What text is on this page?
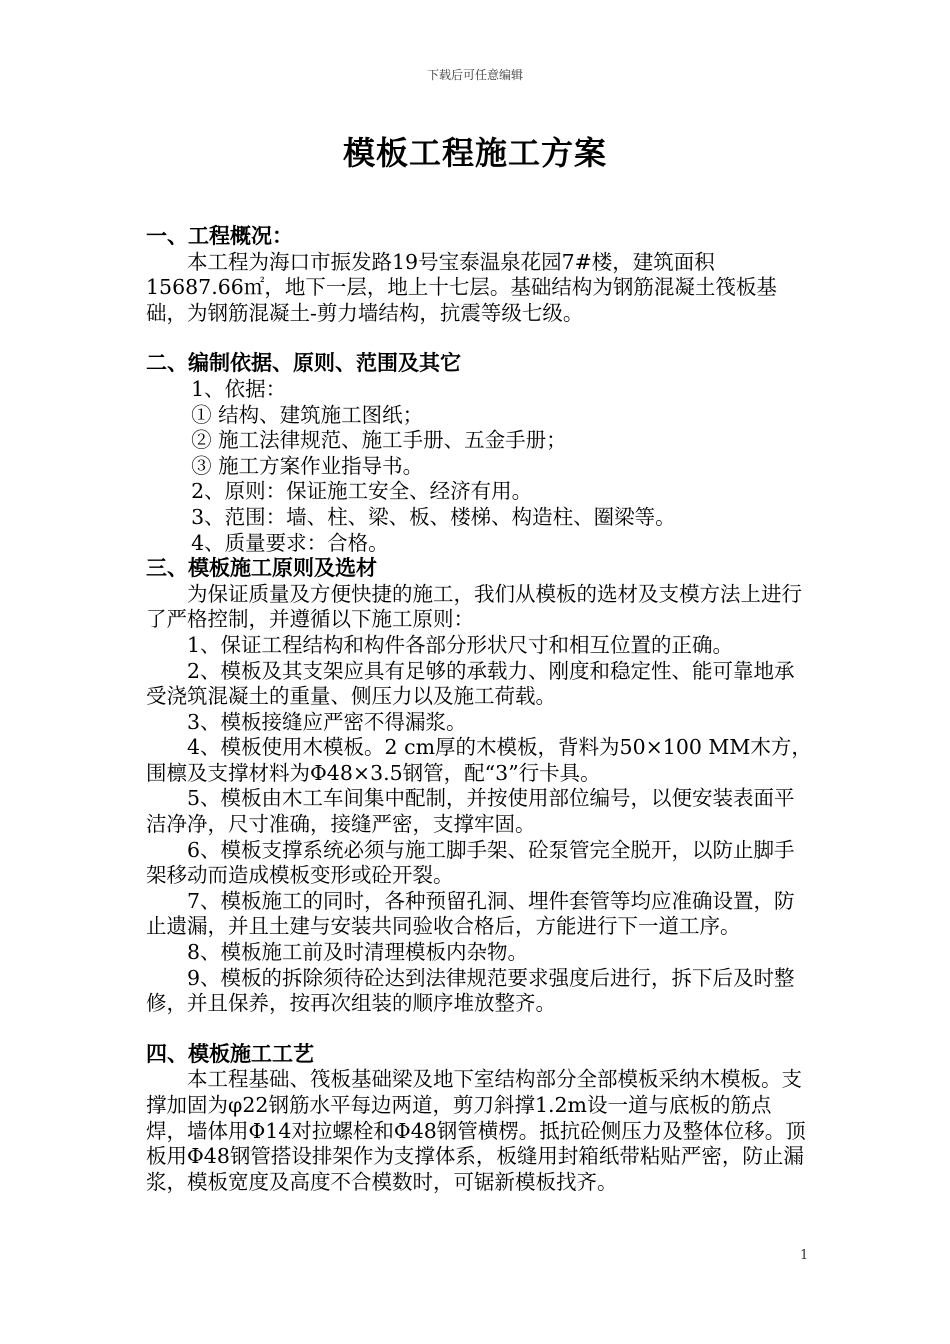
下载后可任意编辑
模板工程施工方案
一、工程概况：

本工程为海口市振发路19号宝泰温泉花园7#楼，建筑面积15687.66㎡，地下一层，地上十七层。基础结构为钢筋混凝土筏板基础，为钢筋混凝土-剪力墙结构，抗震等级七级。

二、编制依据、原则、范围及其它

1、依据：

① 结构、建筑施工图纸；

② 施工法律规范、施工手册、五金手册；

③ 施工方案作业指导书。

2、原则：保证施工安全、经济有用。

3、范围：墙、柱、梁、板、楼梯、构造柱、圈梁等。

4、质量要求：合格。

三、模板施工原则及选材

为保证质量及方便快捷的施工，我们从模板的选材及支模方法上进行了严格控制，并遵循以下施工原则：

1、保证工程结构和构件各部分形状尺寸和相互位置的正确。

2、模板及其支架应具有足够的承载力、刚度和稳定性、能可靠地承受浇筑混凝土的重量、侧压力以及施工荷载。

3、模板接缝应严密不得漏浆。

4、模板使用木模板。2 cm厚的木模板，背料为50×100 MM木方，围檩及支撑材料为Φ48×3.5钢管，配“3”行卡具。

5、模板由木工车间集中配制，并按使用部位编号，以便安装表面平洁净净，尺寸准确，接缝严密，支撑牢固。

6、模板支撑系统必须与施工脚手架、砼泵管完全脱开，以防止脚手架移动而造成模板变形或砼开裂。

7、模板施工的同时，各种预留孔洞、埋件套管等均应准确设置，防止遗漏，并且土建与安装共同验收合格后，方能进行下一道工序。

8、模板施工前及时清理模板内杂物。

9、模板的拆除须待砼达到法律规范要求强度后进行，拆下后及时整修，并且保养，按再次组装的顺序堆放整齐。

四、模板施工工艺

本工程基础、筏板基础梁及地下室结构部分全部模板采纳木模板。支撑加固为φ22钢筋水平每边两道，剪刀斜撑1.2m设一道与底板的筋点焊，墙体用Φ14对拉螺栓和Φ48钢管横楞。抵抗砼侧压力及整体位移。顶板用Φ48钢管搭设排架作为支撑体系，板缝用封箱纸带粘贴严密，防止漏浆，模板宽度及高度不合模数时，可锯新模板找齐。

1
